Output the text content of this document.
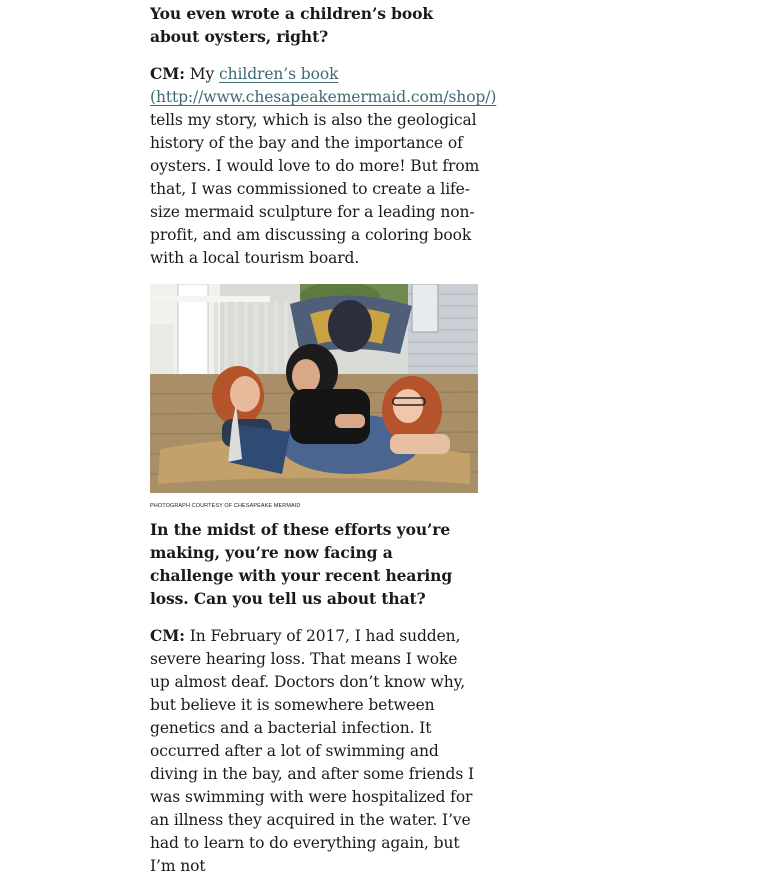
You even wrote a children’s book about oysters, right?

CM: My children’s book (http://www.chesapeakemermaid.com/shop/) tells my story, which is also the geological history of the bay and the importance of oysters. I would love to do more! But from that, I was commissioned to create a life-size mermaid sculpture for a leading non-profit, and am discussing a coloring book with a local tourism board.

PHOTOGRAPH COURTESY OF CHESAPEAKE MERMAID

In the midst of these efforts you’re making, you’re now facing a challenge with your recent hearing loss. Can you tell us about that?

CM: In February of 2017, I had sudden, severe hearing loss. That means I woke up almost deaf. Doctors don’t know why, but believe it is somewhere between genetics and a bacterial infection. It occurred after a lot of swimming and diving in the bay, and after some friends I was swimming with were hospitalized for an illness they acquired in the water. I’ve had to learn to do everything again, but I’m not
